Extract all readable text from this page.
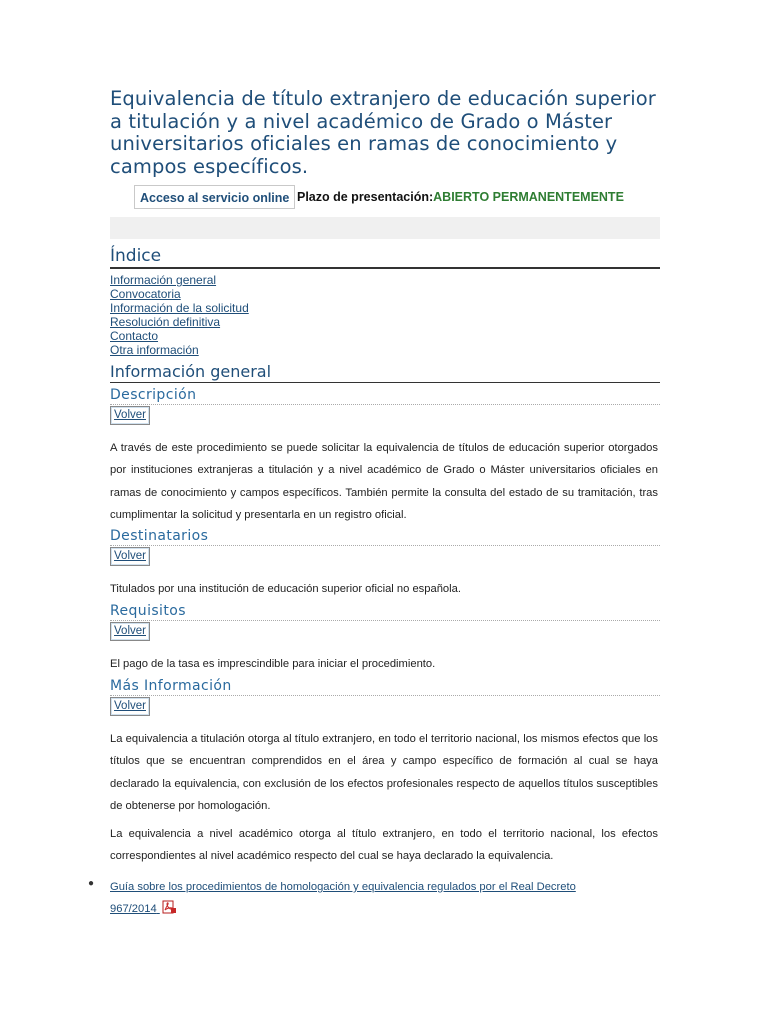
Equivalencia de título extranjero de educación superior a titulación y a nivel académico de Grado o Máster universitarios oficiales en ramas de conocimiento y campos específicos.
Acceso al servicio online Plazo de presentación:ABIERTO PERMANENTEMENTE
Índice
Información general
Convocatoria
Información de la solicitud
Resolución definitiva
Contacto
Otra información
Información general
Descripción
Volver
A través de este procedimiento se puede solicitar la equivalencia de títulos de educación superior otorgados por instituciones extranjeras a titulación y a nivel académico de Grado o Máster universitarios oficiales en ramas de conocimiento y campos específicos. También permite la consulta del estado de su tramitación, tras cumplimentar la solicitud y presentarla en un registro oficial.
Destinatarios
Volver
Titulados por una institución de educación superior oficial no española.
Requisitos
Volver
El pago de la tasa es imprescindible para iniciar el procedimiento.
Más Información
Volver
La equivalencia a titulación otorga al título extranjero, en todo el territorio nacional, los mismos efectos que los títulos que se encuentran comprendidos en el área y campo específico de formación al cual se haya declarado la equivalencia, con exclusión de los efectos profesionales respecto de aquellos títulos susceptibles de obtenerse por homologación.
La equivalencia a nivel académico otorga al título extranjero, en todo el territorio nacional, los efectos correspondientes al nivel académico respecto del cual se haya declarado la equivalencia.
● Guía sobre los procedimientos de homologación y equivalencia regulados por el Real Decreto 967/2014
